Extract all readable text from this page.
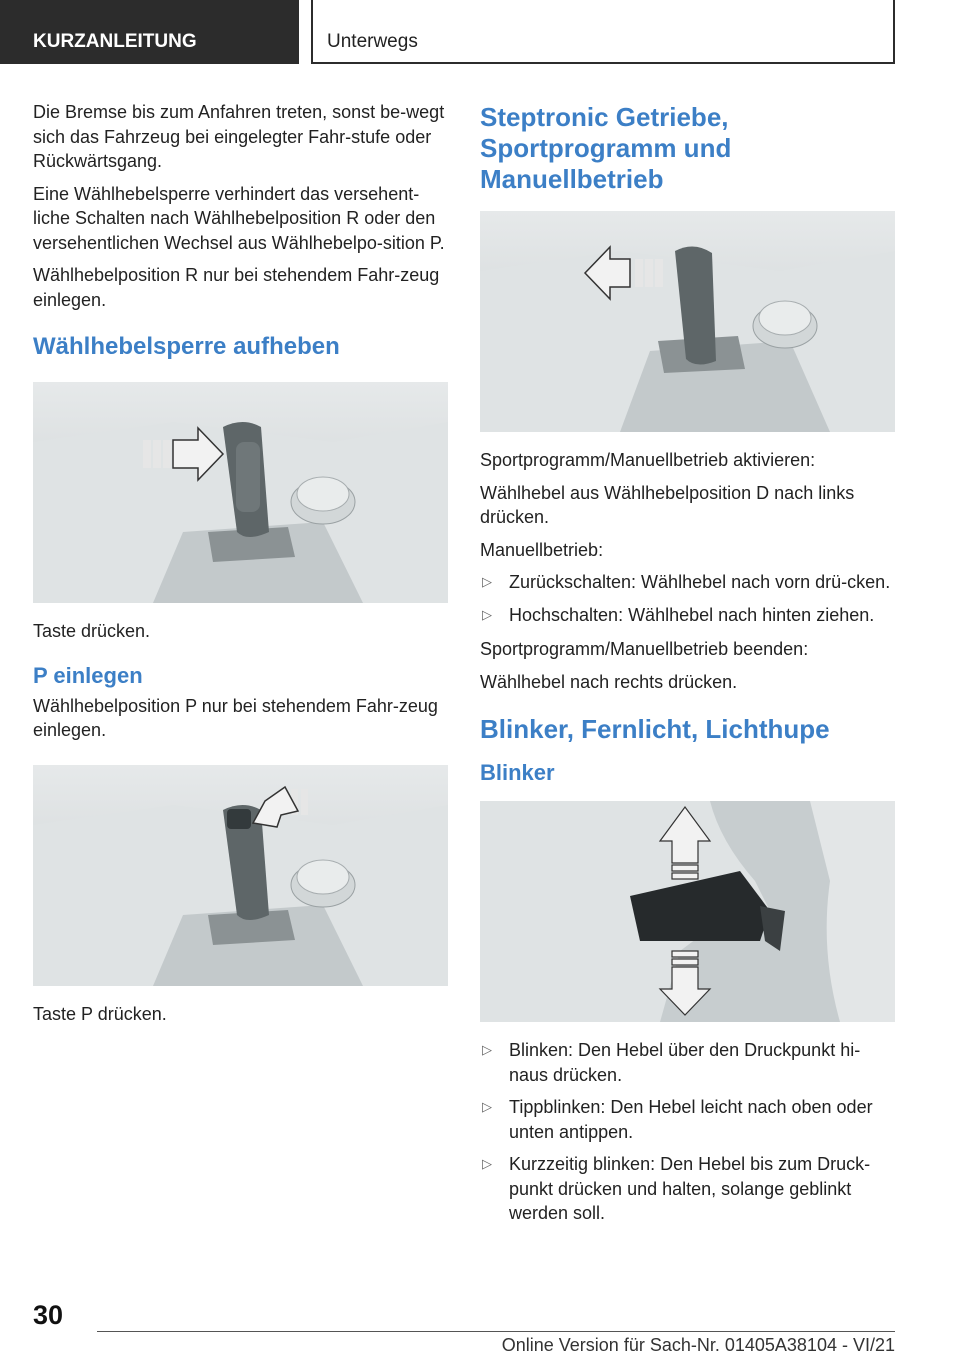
KURZANLEITUNG	Unterwegs

Die Bremse bis zum Anfahren treten, sonst be-wegt sich das Fahrzeug bei eingelegter Fahr-stufe oder Rückwärtsgang.

Eine Wählhebelsperre verhindert das versehent-liche Schalten nach Wählhebelposition R oder den versehentlichen Wechsel aus Wählhebelpo-sition P.

Wählhebelposition R nur bei stehendem Fahr-zeug einlegen.

Wählhebelsperre aufheben

Taste drücken.

P einlegen

Wählhebelposition P nur bei stehendem Fahr-zeug einlegen.

Taste P drücken.

Steptronic Getriebe, Sportprogramm und Manuellbetrieb

Sportprogramm/Manuellbetrieb aktivieren:

Wählhebel aus Wählhebelposition D nach links drücken.

Manuellbetrieb:

▷ Zurückschalten: Wählhebel nach vorn drü-cken.
▷ Hochschalten: Wählhebel nach hinten ziehen.

Sportprogramm/Manuellbetrieb beenden:

Wählhebel nach rechts drücken.

Blinker, Fernlicht, Lichthupe
Blinker
▷ Blinken: Den Hebel über den Druckpunkt hi-naus drücken.
▷ Tippblinken: Den Hebel leicht nach oben oder unten antippen.
▷ Kurzzeitig blinken: Den Hebel bis zum Druck-punkt drücken und halten, solange geblinkt werden soll.
30
Online Version für Sach-Nr. 01405A38104 - VI/21
